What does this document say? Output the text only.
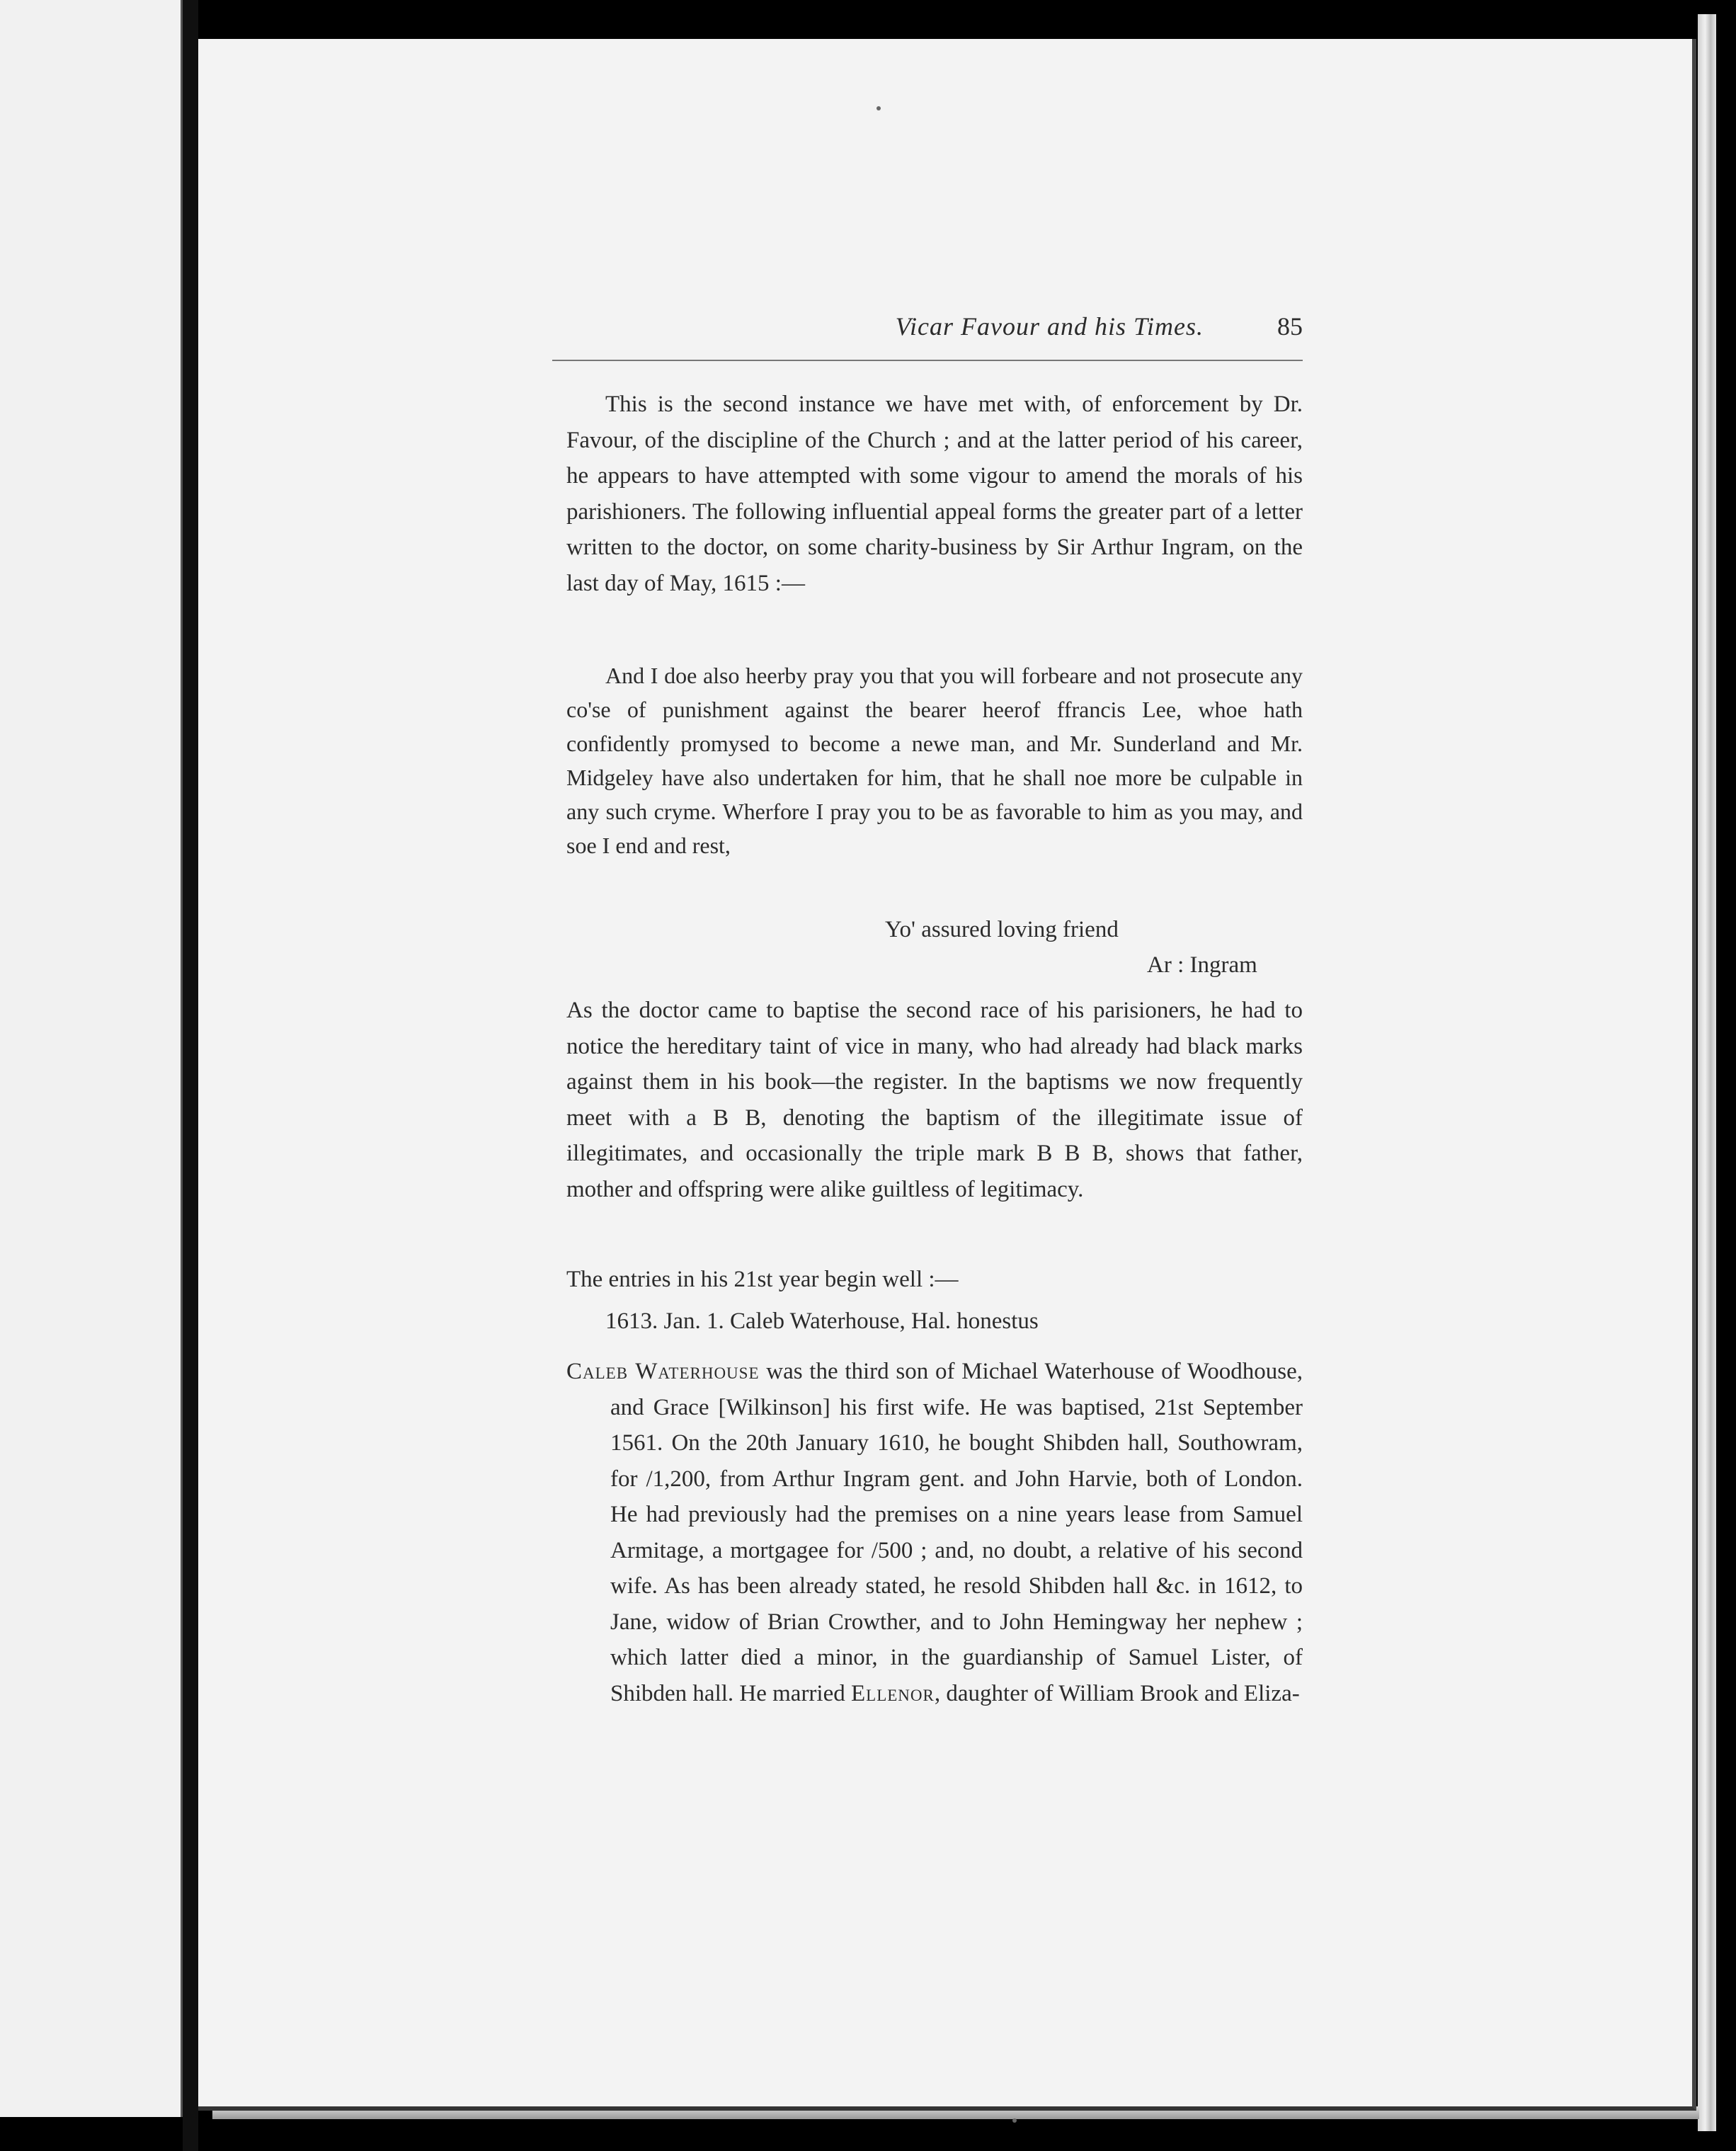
Vicar Favour and his Times.	85

This is the second instance we have met with, of enforcement by Dr. Favour, of the discipline of the Church ; and at the latter period of his career, he appears to have attempted with some vigour to amend the morals of his parishioners. The following influential appeal forms the greater part of a letter written to the doctor, on some charity-business by Sir Arthur Ingram, on the last day of May, 1615 :—

And I doe also heerby pray you that you will forbeare and not prosecute any co'se of punishment against the bearer heerof ffrancis Lee, whoe hath confidently promysed to become a newe man, and Mr. Sunderland and Mr. Midgeley have also undertaken for him, that he shall noe more be culpable in any such cryme. Wherfore I pray you to be as favorable to him as you may, and soe I end and rest,

Yo' assured loving friend

Ar : Ingram

As the doctor came to baptise the second race of his parisioners, he had to notice the hereditary taint of vice in many, who had already had black marks against them in his book—the register. In the baptisms we now frequently meet with a B B, denoting the baptism of the illegitimate issue of illegitimates, and occasionally the triple mark B B B, shows that father, mother and offspring were alike guiltless of legitimacy.

The entries in his 21st year begin well :—

1613. Jan. 1. Caleb Waterhouse, Hal. honestus

Caleb Waterhouse was the third son of Michael Waterhouse of Woodhouse, and Grace [Wilkinson] his first wife. He was baptised, 21st September 1561. On the 20th January 1610, he bought Shibden hall, Southowram, for /1,200, from Arthur Ingram gent. and John Harvie, both of London. He had previously had the premises on a nine years lease from Samuel Armitage, a mortgagee for /500 ; and, no doubt, a relative of his second wife. As has been already stated, he resold Shibden hall &c. in 1612, to Jane, widow of Brian Crowther, and to John Hemingway her nephew ; which latter died a minor, in the guardianship of Samuel Lister, of Shibden hall. He married Ellenor, daughter of William Brook and Eliza-
